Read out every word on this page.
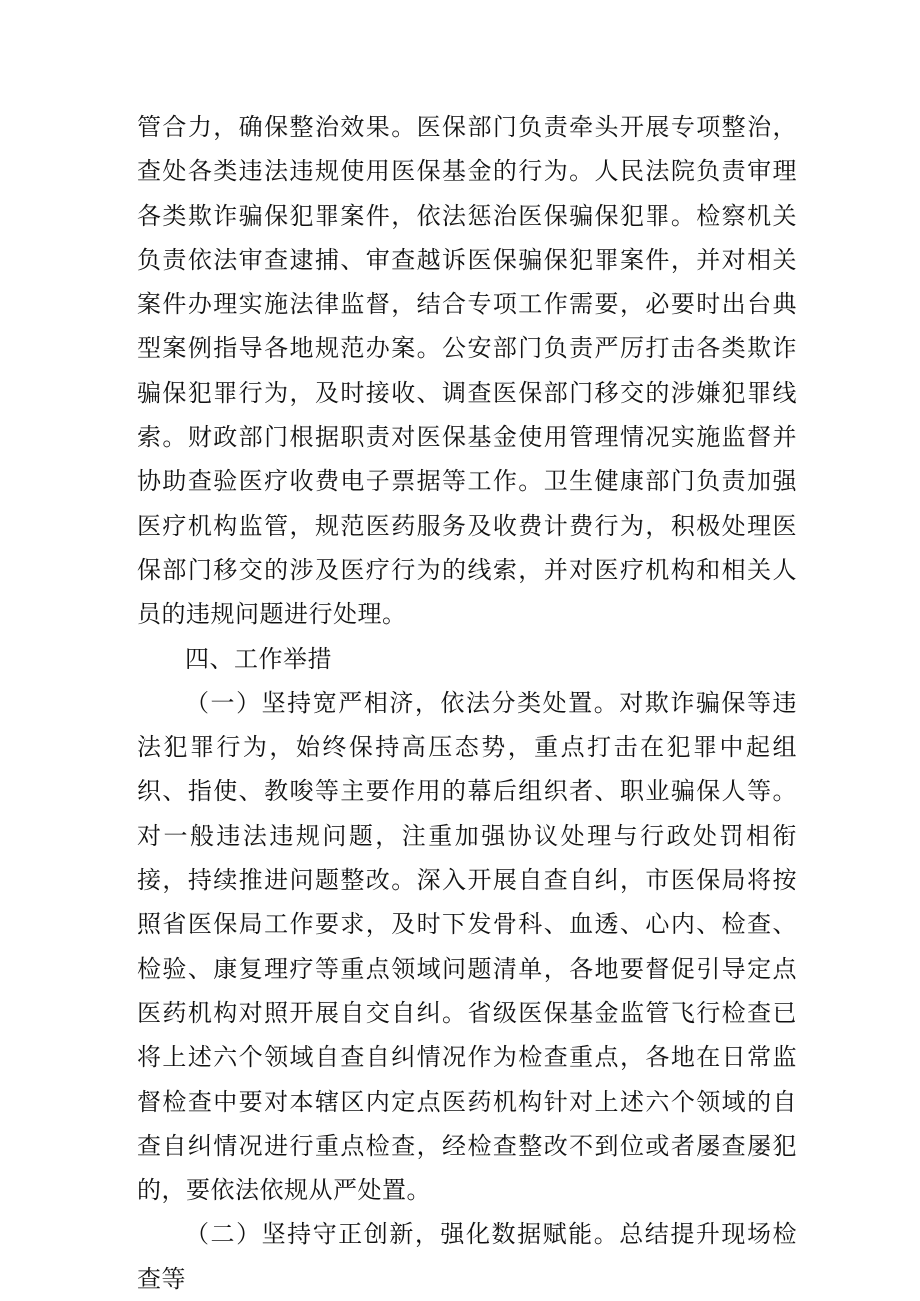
管合力，确保整治效果。医保部门负责牵头开展专项整治，查处各类违法违规使用医保基金的行为。人民法院负责审理各类欺诈骗保犯罪案件，依法惩治医保骗保犯罪。检察机关负责依法审查逮捕、审查越诉医保骗保犯罪案件，并对相关案件办理实施法律监督，结合专项工作需要，必要时出台典型案例指导各地规范办案。公安部门负责严厉打击各类欺诈骗保犯罪行为，及时接收、调查医保部门移交的涉嫌犯罪线索。财政部门根据职责对医保基金使用管理情况实施监督并协助查验医疗收费电子票据等工作。卫生健康部门负责加强医疗机构监管，规范医药服务及收费计费行为，积极处理医保部门移交的涉及医疗行为的线索，并对医疗机构和相关人员的违规问题进行处理。

四、工作举措

（一）坚持宽严相济，依法分类处置。对欺诈骗保等违法犯罪行为，始终保持高压态势，重点打击在犯罪中起组织、指使、教唆等主要作用的幕后组织者、职业骗保人等。对一般违法违规问题，注重加强协议处理与行政处罚相衔接，持续推进问题整改。深入开展自查自纠，市医保局将按照省医保局工作要求，及时下发骨科、血透、心内、检查、检验、康复理疗等重点领域问题清单，各地要督促引导定点医药机构对照开展自交自纠。省级医保基金监管飞行检查已将上述六个领域自查自纠情况作为检查重点，各地在日常监督检查中要对本辖区内定点医药机构针对上述六个领域的自查自纠情况进行重点检查，经检查整改不到位或者屡查屡犯的，要依法依规从严处置。

（二）坚持守正创新，强化数据赋能。总结提升现场检查等
